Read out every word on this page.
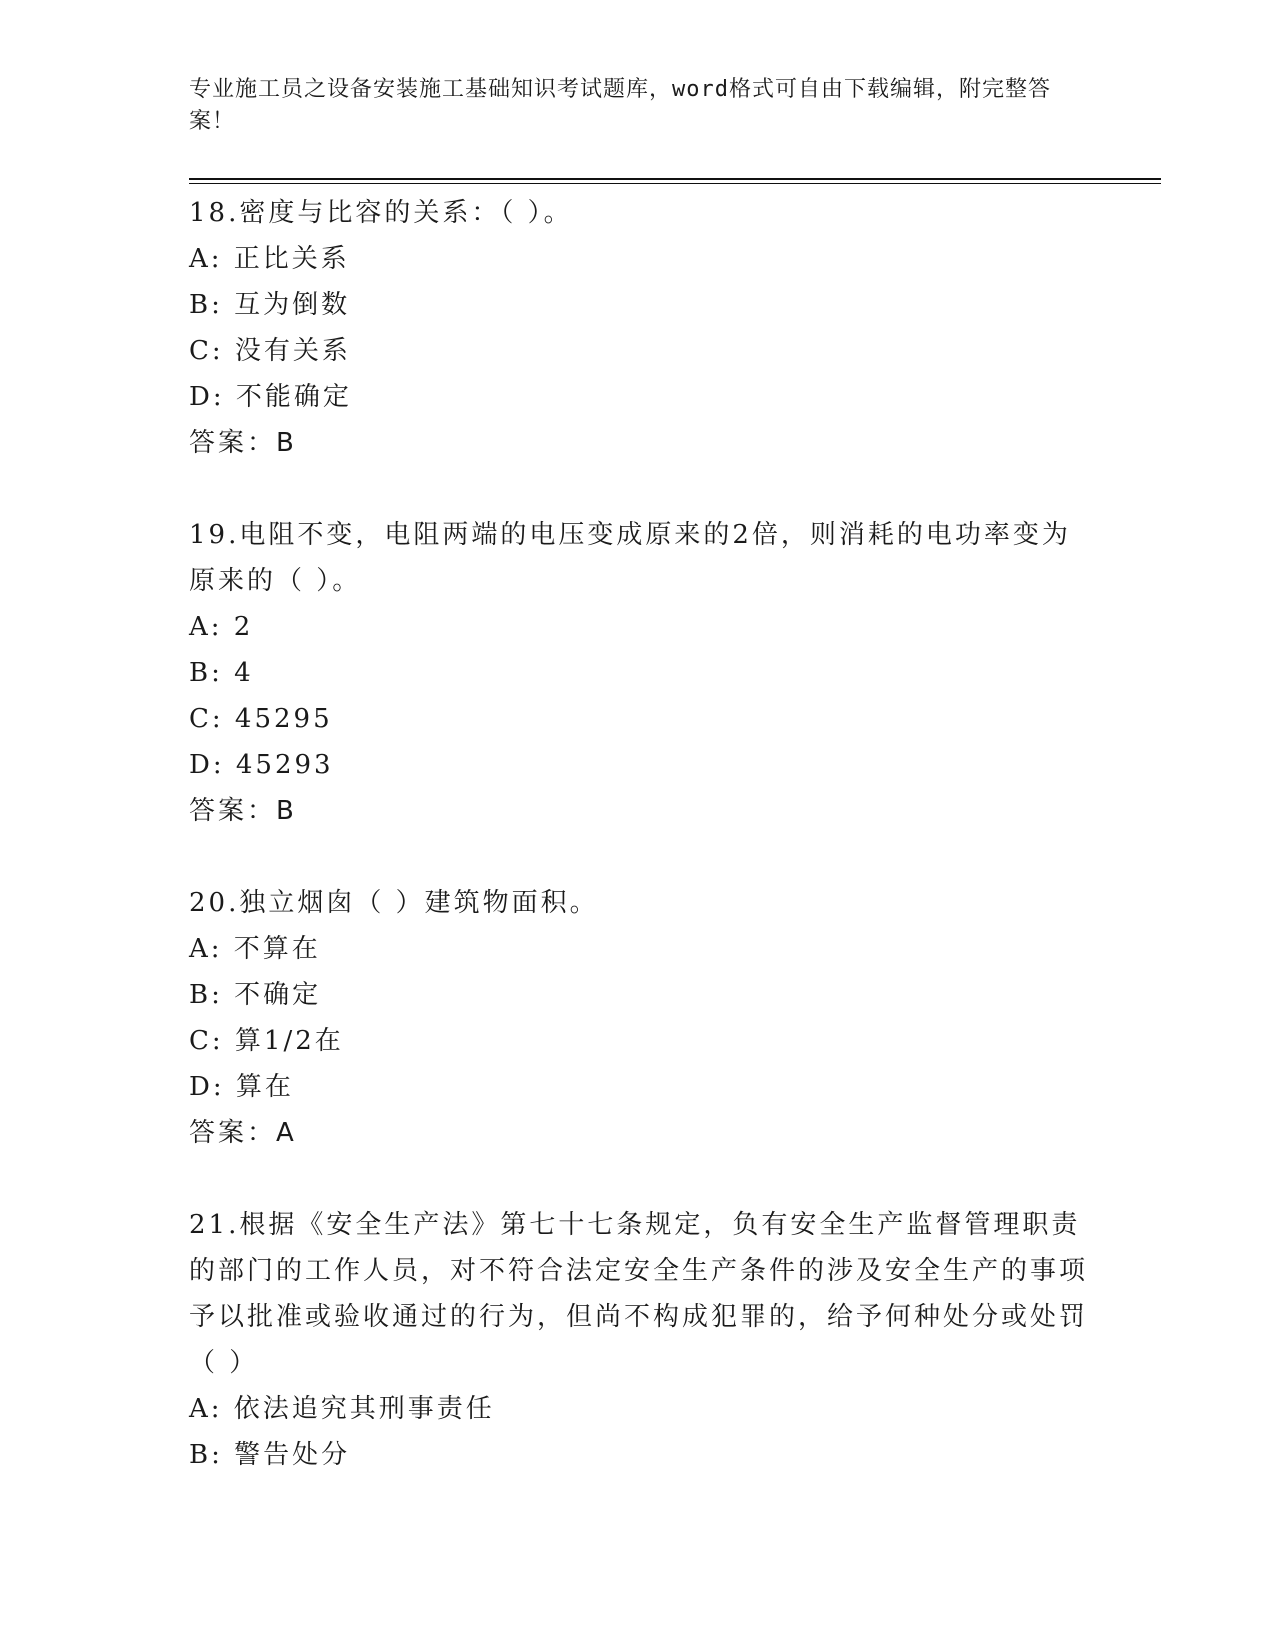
专业施工员之设备安装施工基础知识考试题库，word格式可自由下载编辑，附完整答案！
18.密度与比容的关系：（ ）。
A: 正比关系
B: 互为倒数
C: 没有关系
D: 不能确定
答案：B
19.电阻不变，电阻两端的电压变成原来的2倍，则消耗的电功率变为原来的（ ）。
A: 2
B: 4
C: 45295
D: 45293
答案：B
20.独立烟囱（ ）建筑物面积。
A: 不算在
B: 不确定
C: 算1/2在
D: 算在
答案：A
21.根据《安全生产法》第七十七条规定，负有安全生产监督管理职责的部门的工作人员，对不符合法定安全生产条件的涉及安全生产的事项予以批准或验收通过的行为，但尚不构成犯罪的，给予何种处分或处罚（ ）
A: 依法追究其刑事责任
B: 警告处分
